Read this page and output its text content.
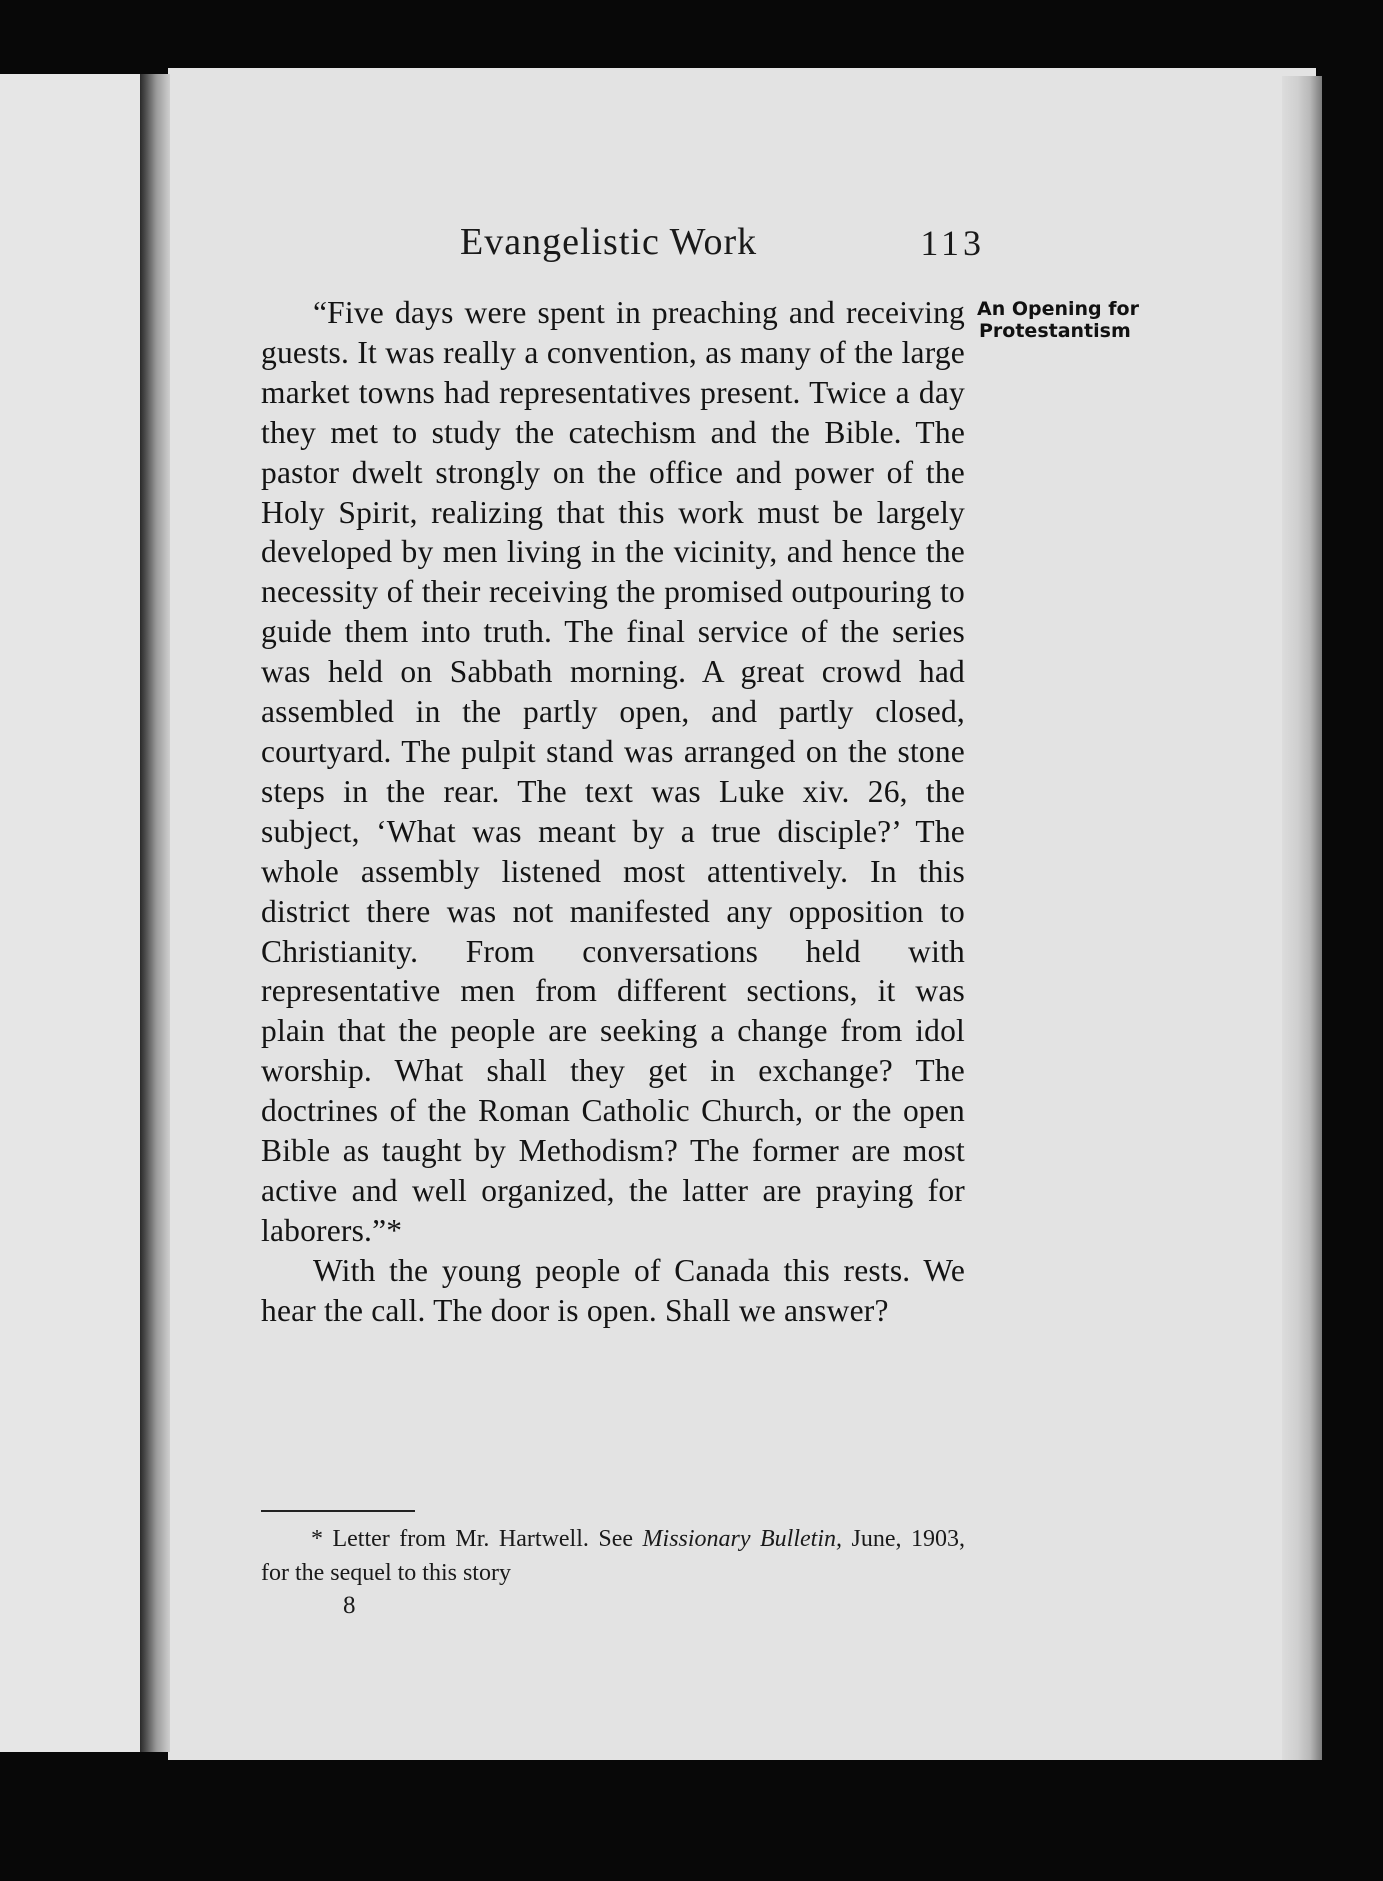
Evangelistic Work	113
An Opening for
Protestantism

“Five days were spent in preaching and receiving guests. It was really a convention, as many of the large market towns had representatives present. Twice a day they met to study the catechism and the Bible. The pastor dwelt strongly on the office and power of the Holy Spirit, realizing that this work must be largely developed by men living in the vicinity, and hence the necessity of their receiving the promised outpouring to guide them into truth. The final service of the series was held on Sabbath morning. A great crowd had assembled in the partly open, and partly closed, courtyard. The pulpit stand was arranged on the stone steps in the rear. The text was Luke xiv. 26, the subject, ‘What was meant by a true disciple?’ The whole assembly listened most attentively. In this district there was not manifested any opposition to Christianity. From conversations held with representative men from different sections, it was plain that the people are seeking a change from idol worship. What shall they get in exchange? The doctrines of the Roman Catholic Church, or the open Bible as taught by Methodism? The former are most active and well organized, the latter are praying for laborers.”*

With the young people of Canada this rests. We hear the call. The door is open. Shall we answer?

* Letter from Mr. Hartwell. See Missionary Bulletin, June, 1903, for the sequel to this story
8
